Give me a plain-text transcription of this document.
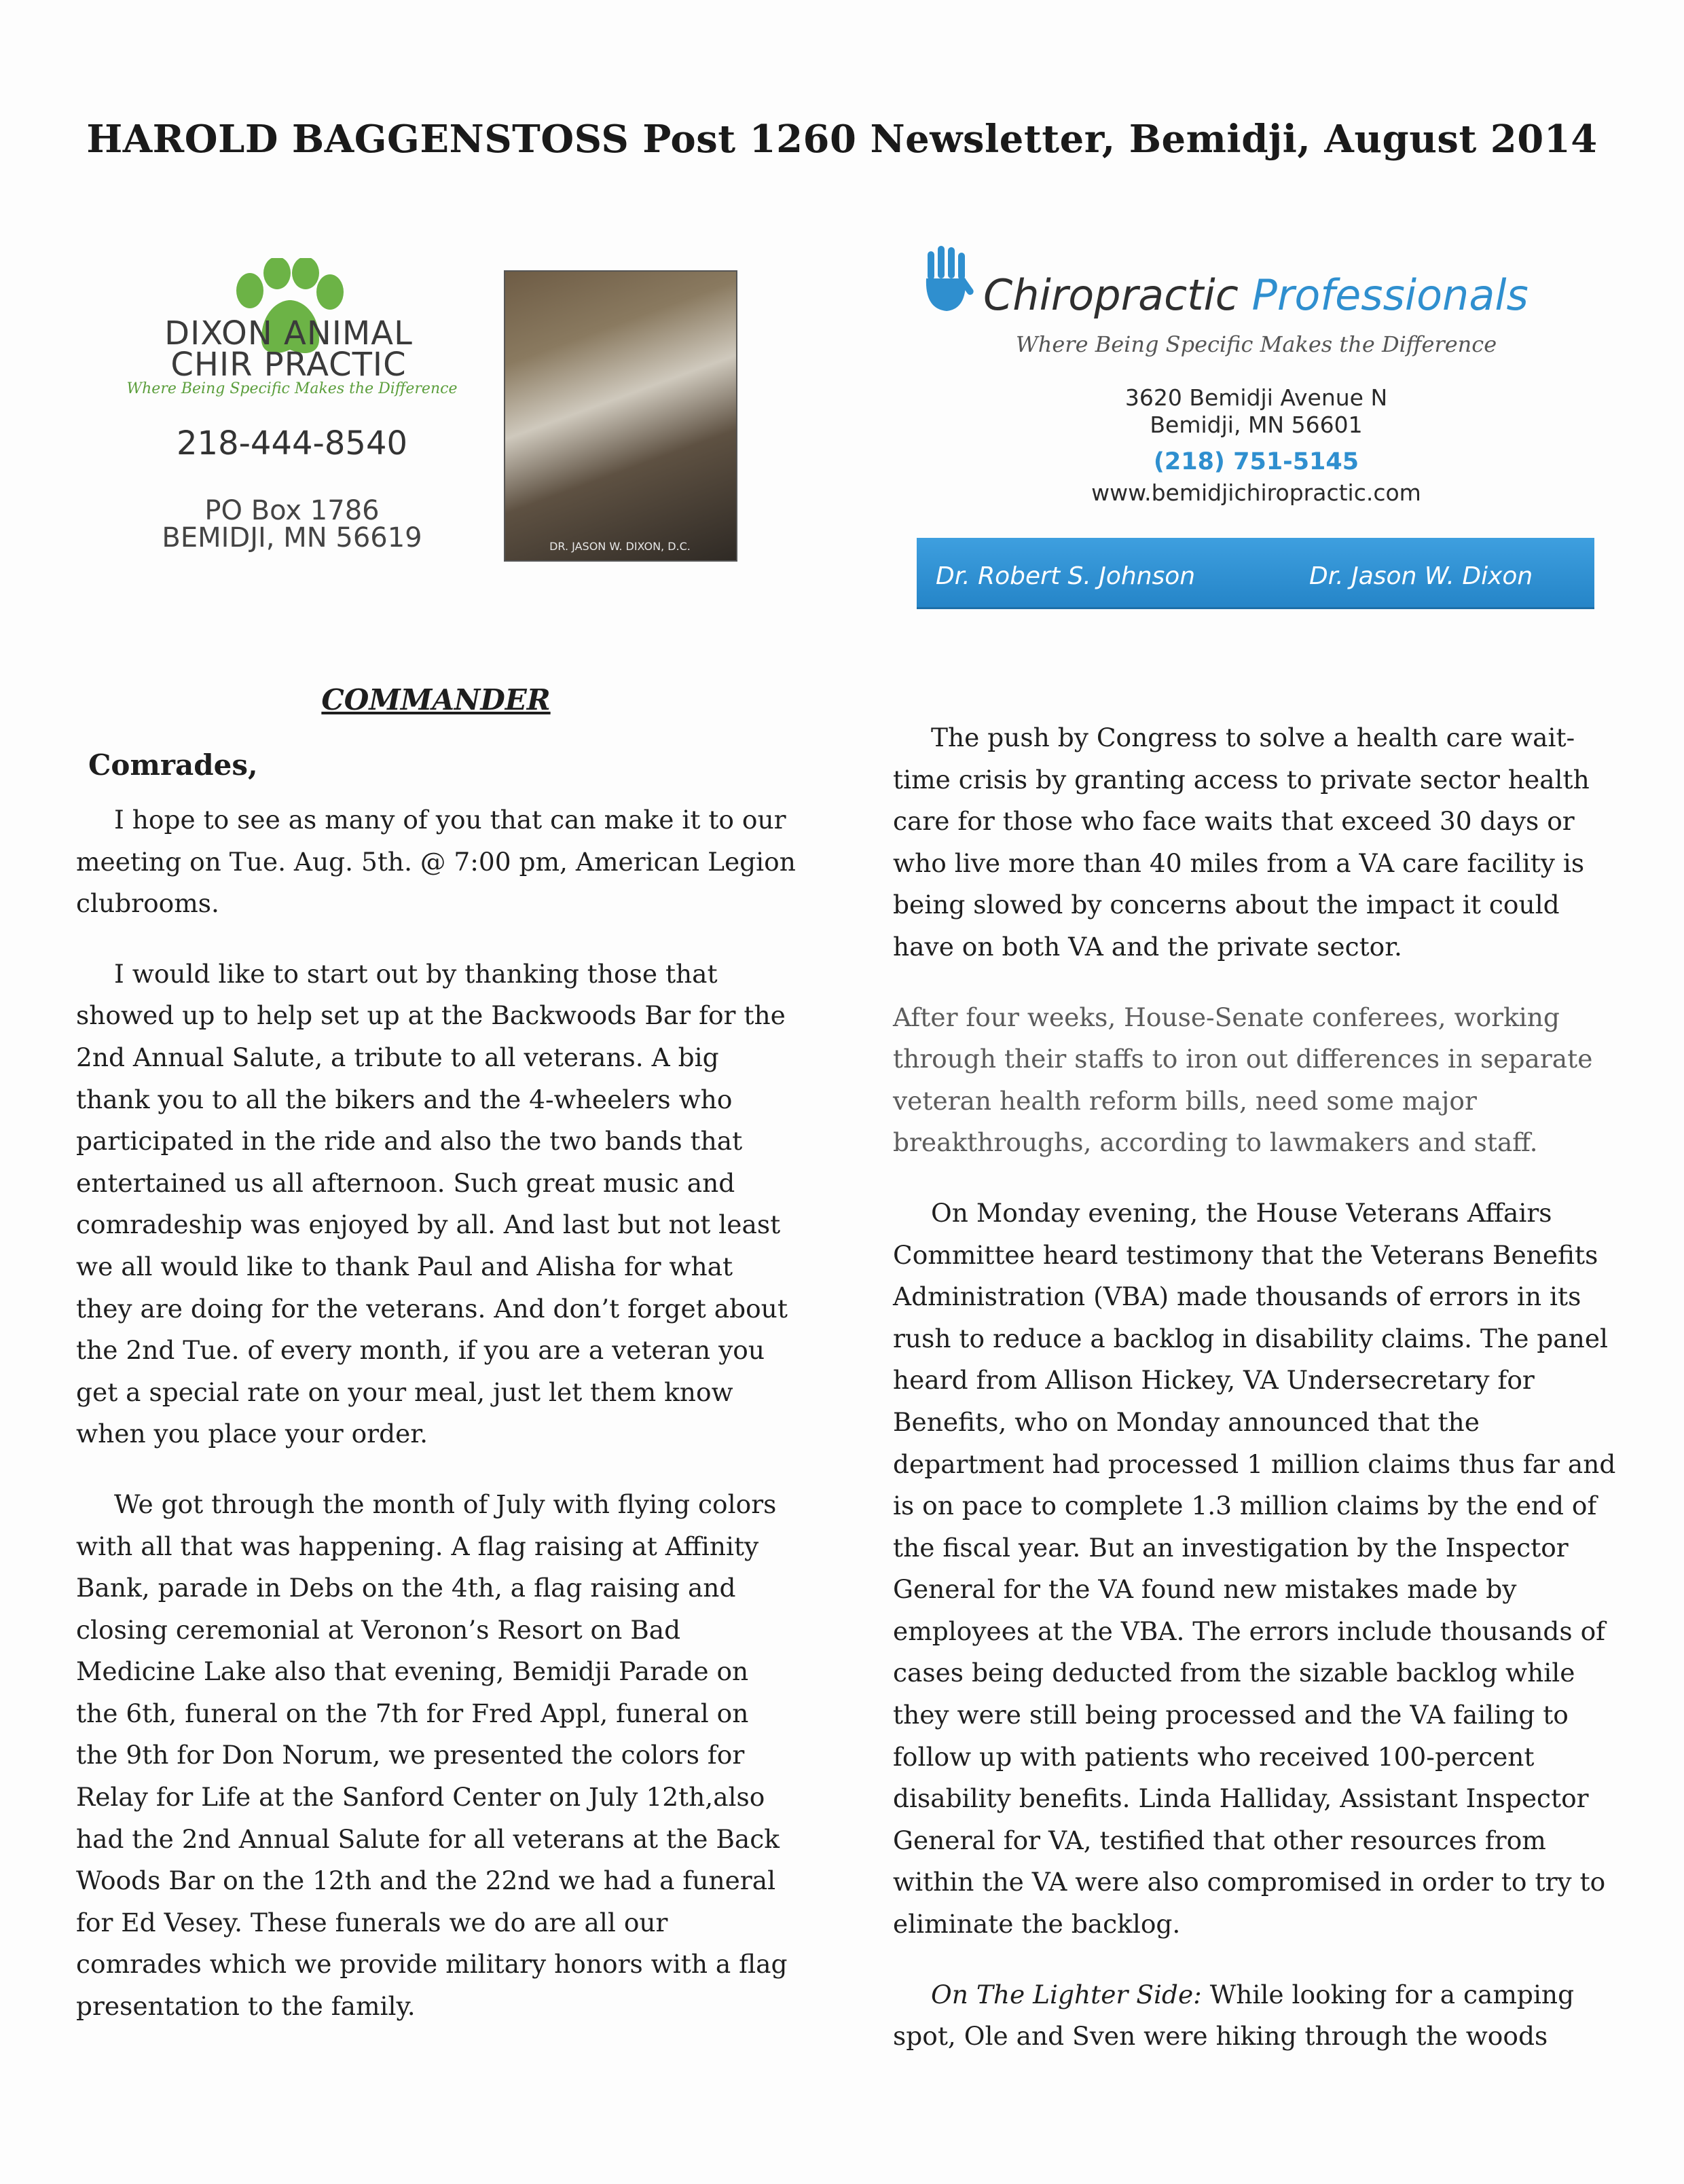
HAROLD BAGGENSTOSS Post 1260 Newsletter, Bemidji, August 2014
DIXON ANIMAL
CHIR PRACTIC
Where Being Specific Makes the Difference
218-444-8540
PO Box 1786
BEMIDJI, MN 56619	DR. JASON W. DIXON, D.C.
Chiropractic Professionals
Where Being Specific Makes the Difference
3620 Bemidji Avenue N
Bemidji, MN 56601
(218) 751-5145
www.bemidjichiropractic.com
Dr. Robert S. Johnson	Dr. Jason W. Dixon
COMMANDER
Comrades,

I hope to see as many of you that can make it to our meeting on Tue. Aug. 5th. @ 7:00 pm, American Legion clubrooms.

I would like to start out by thanking those that showed up to help set up at the Backwoods Bar for the 2nd Annual Salute, a tribute to all veterans. A big thank you to all the bikers and the 4-wheelers who participated in the ride and also the two bands that entertained us all afternoon. Such great music and comradeship was enjoyed by all. And last but not least we all would like to thank Paul and Alisha for what they are doing for the veterans. And don’t forget about the 2nd Tue. of every month, if you are a veteran you get a special rate on your meal, just let them know when you place your order.

We got through the month of July with flying colors with all that was happening. A flag raising at Affinity Bank, parade in Debs on the 4th, a flag raising and closing ceremonial at Veronon’s Resort on Bad Medicine Lake also that evening, Bemidji Parade on the 6th, funeral on the 7th for Fred Appl, funeral on the 9th for Don Norum, we presented the colors for Relay for Life at the Sanford Center on July 12th,also had the 2nd Annual Salute for all veterans at the Back Woods Bar on the 12th and the 22nd we had a funeral for Ed Vesey. These funerals we do are all our comrades which we provide military honors with a flag presentation to the family.

The push by Congress to solve a health care wait-time crisis by granting access to private sector health care for those who face waits that exceed 30 days or who live more than 40 miles from a VA care facility is being slowed by concerns about the impact it could have on both VA and the private sector.

After four weeks, House-Senate conferees, working through their staffs to iron out differences in separate veteran health reform bills, need some major breakthroughs, according to lawmakers and staff.

On Monday evening, the House Veterans Affairs Committee heard testimony that the Veterans Benefits Administration (VBA) made thousands of errors in its rush to reduce a backlog in disability claims. The panel heard from Allison Hickey, VA Undersecretary for Benefits, who on Monday announced that the department had processed 1 million claims thus far and is on pace to complete 1.3 million claims by the end of the fiscal year. But an investigation by the Inspector General for the VA found new mistakes made by employees at the VBA. The errors include thousands of cases being deducted from the sizable backlog while they were still being processed and the VA failing to follow up with patients who received 100-percent disability benefits. Linda Halliday, Assistant Inspector General for VA, testified that other resources from within the VA were also compromised in order to try to eliminate the backlog.

On The Lighter Side: While looking for a camping spot, Ole and Sven were hiking through the woods
